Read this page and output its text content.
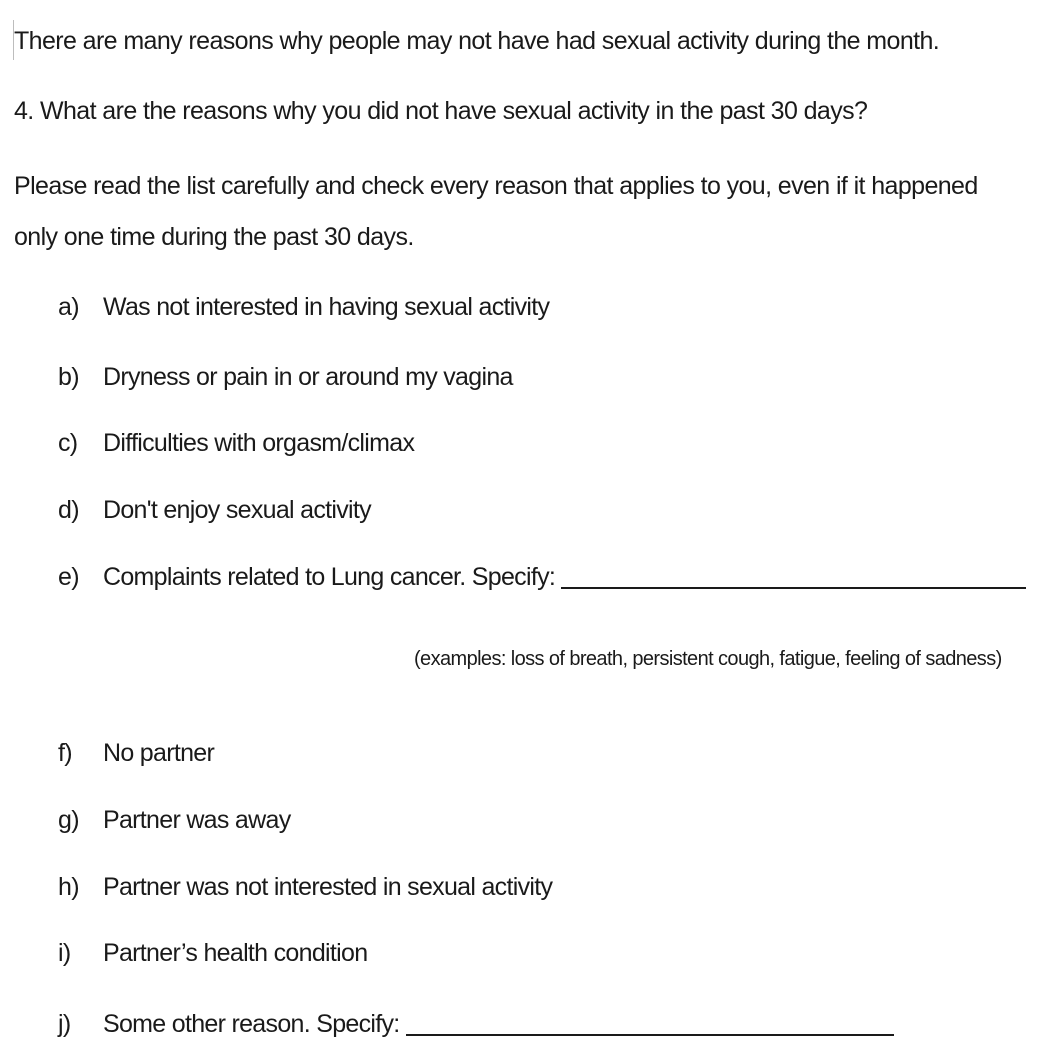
There are many reasons why people may not have had sexual activity during the month.
4. What are the reasons why you did not have sexual activity in the past 30 days?
Please read the list carefully and check every reason that applies to you, even if it happened
only one time during the past 30 days.
a) Was not interested in having sexual activity
b) Dryness or pain in or around my vagina
c)	Difficulties with orgasm/climax
d) Don't enjoy sexual activity
e) Complaints related to Lung cancer. Specify:
(examples: loss of breath, persistent cough, fatigue, feeling of sadness)
f)	No partner
g) Partner was away
h) Partner was not interested in sexual activity
i)	Partner’s health condition
j)	Some other reason. Specify:
